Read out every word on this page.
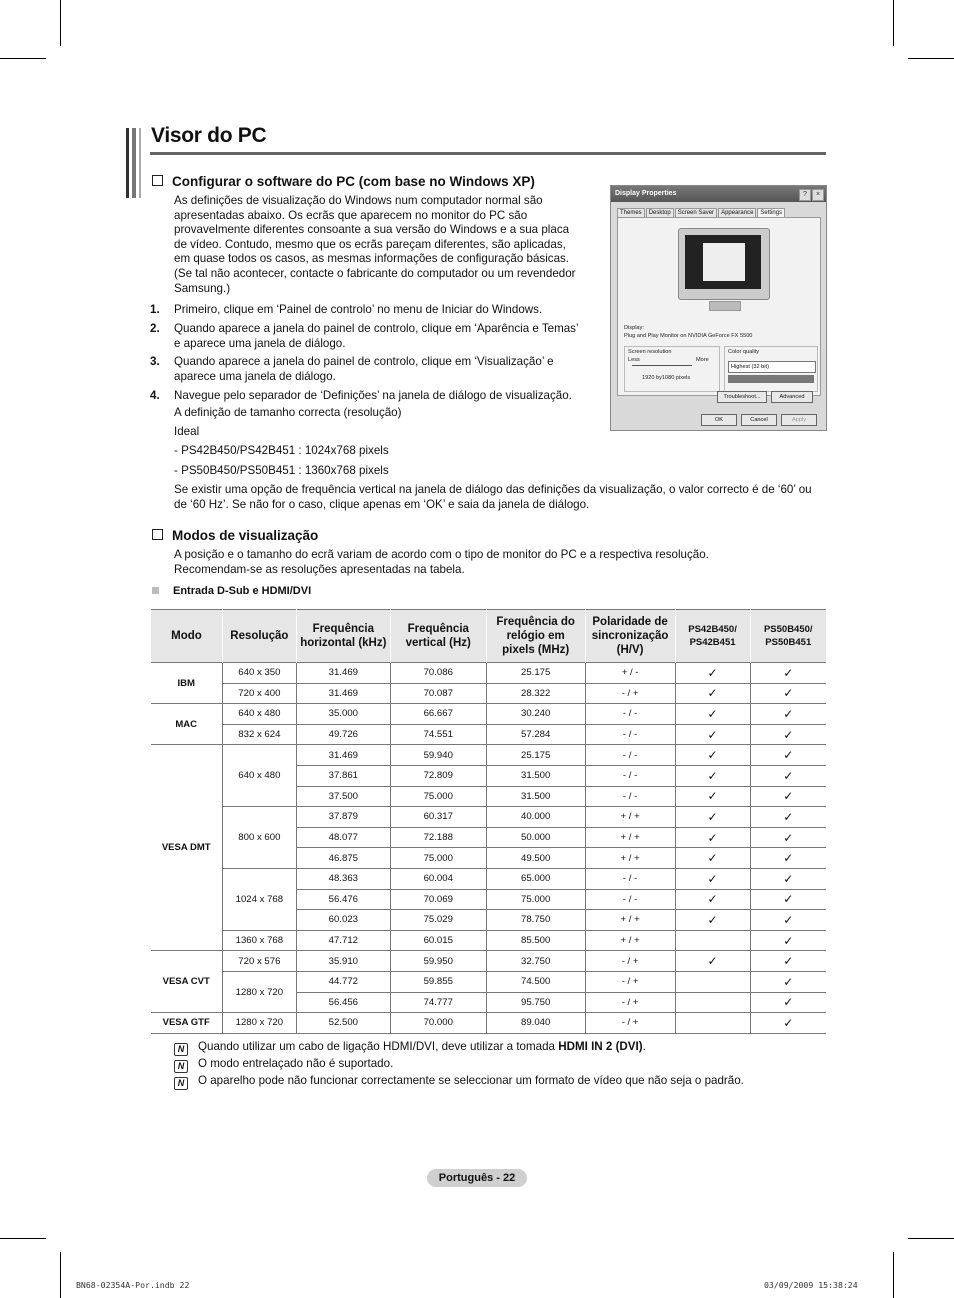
Visor do PC
Configurar o software do PC (com base no Windows XP)
As definições de visualização do Windows num computador normal são
apresentadas abaixo. Os ecrãs que aparecem no monitor do PC são
provavelmente diferentes consoante a sua versão do Windows e a sua placa
de vídeo. Contudo, mesmo que os ecrãs pareçam diferentes, são aplicadas,
em quase todos os casos, as mesmas informações de configuração básicas.
(Se tal não acontecer, contacte o fabricante do computador ou um revendedor
Samsung.)
1. Primeiro, clique em ‘Painel de controlo’ no menu de Iniciar do Windows.
2. Quando aparece a janela do painel de controlo, clique em ‘Aparência e Temas’
e aparece uma janela de diálogo.
3. Quando aparece a janela do painel de controlo, clique em ‘Visualização’ e
aparece uma janela de diálogo.
4. Navegue pelo separador de ‘Definições’ na janela de diálogo de visualização.
A definição de tamanho correcta (resolução)
Ideal
- PS42B450/PS42B451 : 1024x768 pixels
- PS50B450/PS50B451 : 1360x768 pixels
Se existir uma opção de frequência vertical na janela de diálogo das definições da visualização, o valor correcto é de ‘60’ ou
de ‘60 Hz’. Se não for o caso, clique apenas em ‘OK’ e saia da janela de diálogo.
Display Properties	?	×
Themes Desktop Screen Saver Appearance Settings
Display:
Plug and Play Monitor on NVIDIA GeForce FX 5500
Screen resolution
Less	More
1920 by1080 pixels
Color quality
Highest (32 bit)
Troubleshoot...	Advanced
OK	Cancel	Apply
Modos de visualização
A posição e o tamanho do ecrã variam de acordo com o tipo de monitor do PC e a respectiva resolução.
Recomendam-se as resoluções apresentadas na tabela.
Entrada D-Sub e HDMI/DVI
Modo	Resolução	Frequência horizontal (kHz)	Frequência vertical (Hz)	Frequência do relógio em pixels (MHz)	Polaridade de sincronização (H/V)	PS42B450/ PS42B451	PS50B450/ PS50B451
IBM	640 x 350	31.469	70.086	25.175	+ / -	✓	✓
	720 x 400	31.469	70.087	28.322	- / +	✓	✓
MAC	640 x 480	35.000	66.667	30.240	- / -	✓	✓
	832 x 624	49.726	74.551	57.284	- / -	✓	✓
VESA DMT	640 x 480	31.469	59.940	25.175	- / -	✓	✓
		37.861	72.809	31.500	- / -	✓	✓
		37.500	75.000	31.500	- / -	✓	✓
	800 x 600	37.879	60.317	40.000	+ / +	✓	✓
		48.077	72.188	50.000	+ / +	✓	✓
		46.875	75.000	49.500	+ / +	✓	✓
	1024 x 768	48.363	60.004	65.000	- / -	✓	✓
		56.476	70.069	75.000	- / -	✓	✓
		60.023	75.029	78.750	+ / +	✓	✓
	1360 x 768	47.712	60.015	85.500	+ / +		✓
VESA CVT	720 x 576	35.910	59.950	32.750	- / +	✓	✓
	1280 x 720	44.772	59.855	74.500	- / +		✓
		56.456	74.777	95.750	- / +		✓
VESA GTF	1280 x 720	52.500	70.000	89.040	- / +		✓
N Quando utilizar um cabo de ligação HDMI/DVI, deve utilizar a tomada HDMI IN 2 (DVI).
N O modo entrelaçado não é suportado.
N O aparelho pode não funcionar correctamente se seleccionar um formato de vídeo que não seja o padrão.
Português - 22
BN68-02354A-Por.indb 22	03/09/2009 15:38:24
